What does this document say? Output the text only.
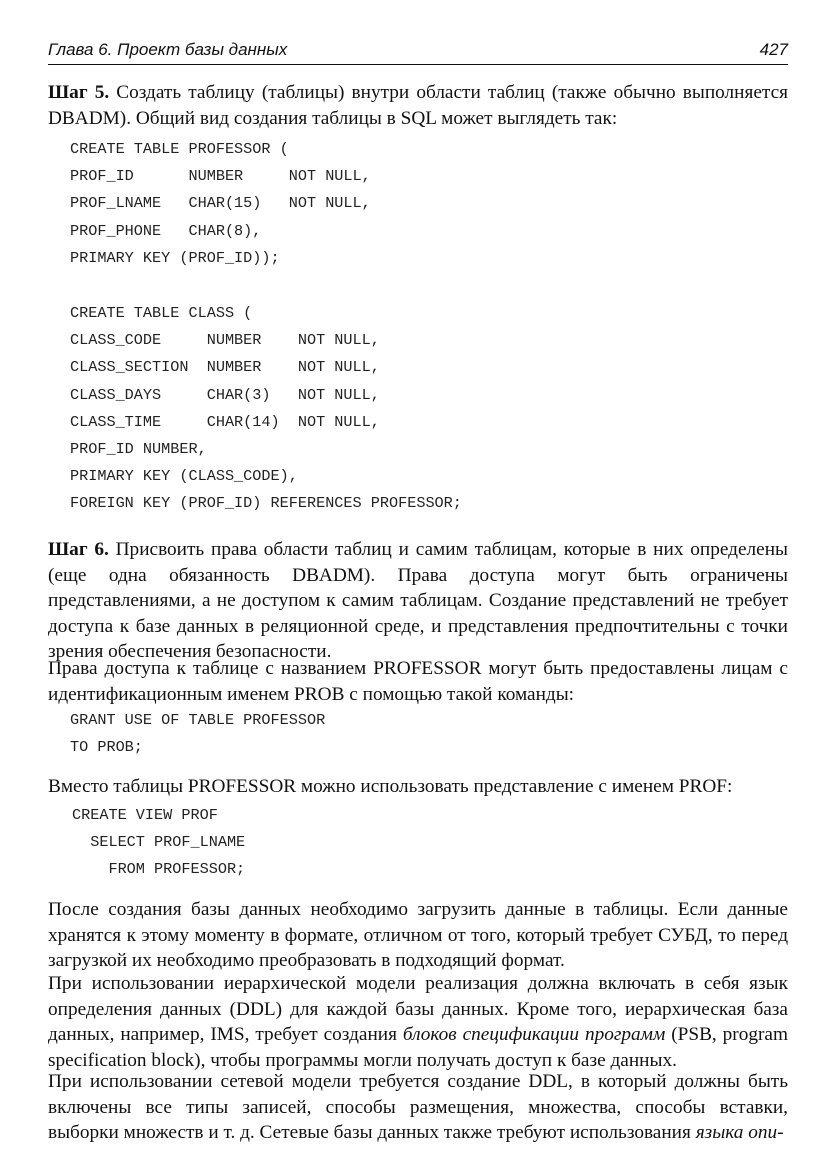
Глава 6. Проект базы данных	427

Шаг 5. Создать таблицу (таблицы) внутри области таблиц (также обычно выполняется DBADM). Общий вид создания таблицы в SQL может выглядеть так:

CREATE TABLE PROFESSOR (
PROF_ID      NUMBER     NOT NULL,
PROF_LNAME   CHAR(15)   NOT NULL,
PROF_PHONE   CHAR(8),
PRIMARY KEY (PROF_ID));
CREATE TABLE CLASS (
CLASS_CODE     NUMBER    NOT NULL,
CLASS_SECTION  NUMBER    NOT NULL,
CLASS_DAYS     CHAR(3)   NOT NULL,
CLASS_TIME     CHAR(14)  NOT NULL,
PROF_ID NUMBER,
PRIMARY KEY (CLASS_CODE),
FOREIGN KEY (PROF_ID) REFERENCES PROFESSOR;

Шаг 6. Присвоить права области таблиц и самим таблицам, которые в них определены (еще одна обязанность DBADM). Права доступа могут быть ограничены представлениями, а не доступом к самим таблицам. Создание представлений не требует доступа к базе данных в реляционной среде, и представления предпочтительны с точки зрения обеспечения безопасности.

Права доступа к таблице с названием PROFESSOR могут быть предоставлены лицам с идентификационным именем PROB с помощью такой команды:

GRANT USE OF TABLE PROFESSOR
TO PROB;

Вместо таблицы PROFESSOR можно использовать представление с именем PROF:

CREATE VIEW PROF
SELECT PROF_LNAME
FROM PROFESSOR;

После создания базы данных необходимо загрузить данные в таблицы. Если данные хранятся к этому моменту в формате, отличном от того, который требует СУБД, то перед загрузкой их необходимо преобразовать в подходящий формат.

При использовании иерархической модели реализация должна включать в себя язык определения данных (DDL) для каждой базы данных. Кроме того, иерархическая база данных, например, IMS, требует создания блоков спецификации программ (PSB, program specification block), чтобы программы могли получать доступ к базе данных.

При использовании сетевой модели требуется создание DDL, в который должны быть включены все типы записей, способы размещения, множества, способы вставки, выборки множеств и т. д. Сетевые базы данных также требуют использования языка опи-
